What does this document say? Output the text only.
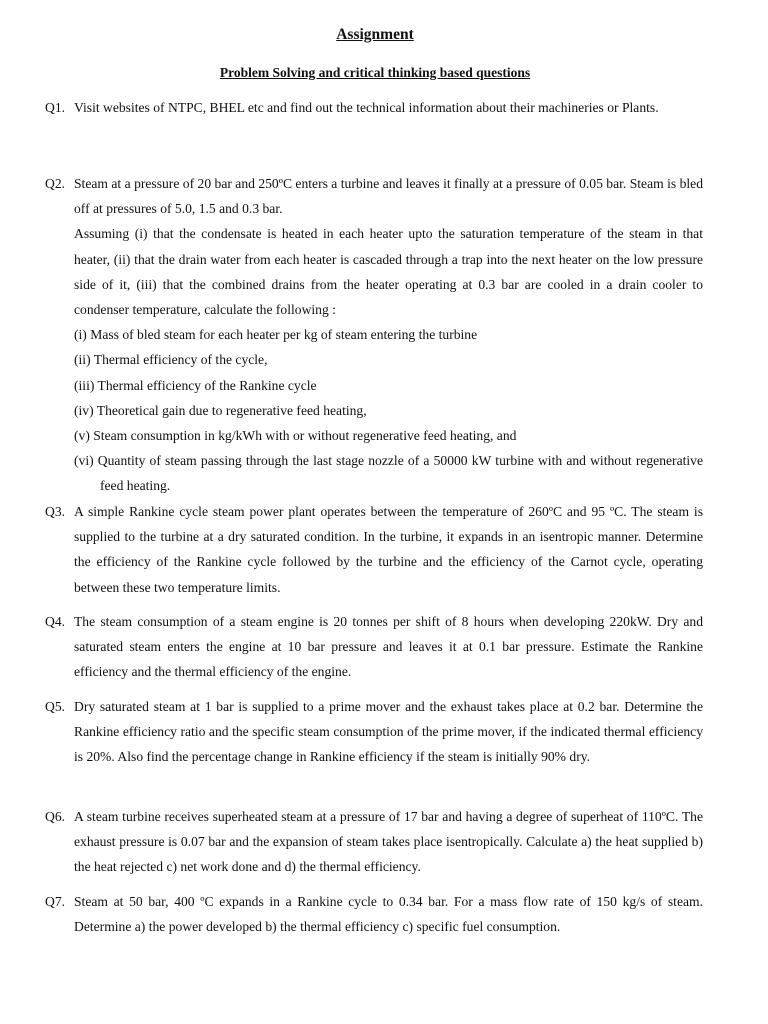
Assignment
Problem Solving and critical thinking based questions
Q1. Visit websites of NTPC, BHEL etc and find out the technical information about their machineries or Plants.

Q2. Steam at a pressure of 20 bar and 250ºC enters a turbine and leaves it finally at a pressure of 0.05 bar. Steam is bled off at pressures of 5.0, 1.5 and 0.3 bar.

Assuming (i) that the condensate is heated in each heater upto the saturation temperature of the steam in that heater, (ii) that the drain water from each heater is cascaded through a trap into the next heater on the low pressure side of it, (iii) that the combined drains from the heater operating at 0.3 bar are cooled in a drain cooler to condenser temperature, calculate the following :

(i) Mass of bled steam for each heater per kg of steam entering the turbine

(ii) Thermal efficiency of the cycle,

(iii) Thermal efficiency of the Rankine cycle

(iv) Theoretical gain due to regenerative feed heating,

(v) Steam consumption in kg/kWh with or without regenerative feed heating, and

(vi) Quantity of steam passing through the last stage nozzle of a 50000 kW turbine with and without regenerative feed heating.

Q3. A simple Rankine cycle steam power plant operates between the temperature of 260ºC and 95 ºC. The steam is supplied to the turbine at a dry saturated condition. In the turbine, it expands in an isentropic manner. Determine the efficiency of the Rankine cycle followed by the turbine and the efficiency of the Carnot cycle, operating between these two temperature limits.

Q4. The steam consumption of a steam engine is 20 tonnes per shift of 8 hours when developing 220kW. Dry and saturated steam enters the engine at 10 bar pressure and leaves it at 0.1 bar pressure. Estimate the Rankine efficiency and the thermal efficiency of the engine.

Q5. Dry saturated steam at 1 bar is supplied to a prime mover and the exhaust takes place at 0.2 bar. Determine the Rankine efficiency ratio and the specific steam consumption of the prime mover, if the indicated thermal efficiency is 20%. Also find the percentage change in Rankine efficiency if the steam is initially 90% dry.

Q6. A steam turbine receives superheated steam at a pressure of 17 bar and having a degree of superheat of 110ºC. The exhaust pressure is 0.07 bar and the expansion of steam takes place isentropically. Calculate a) the heat supplied b) the heat rejected c) net work done and d) the thermal efficiency.

Q7. Steam at 50 bar, 400 ºC expands in a Rankine cycle to 0.34 bar. For a mass flow rate of 150 kg/s of steam. Determine a) the power developed b) the thermal efficiency c) specific fuel consumption.
